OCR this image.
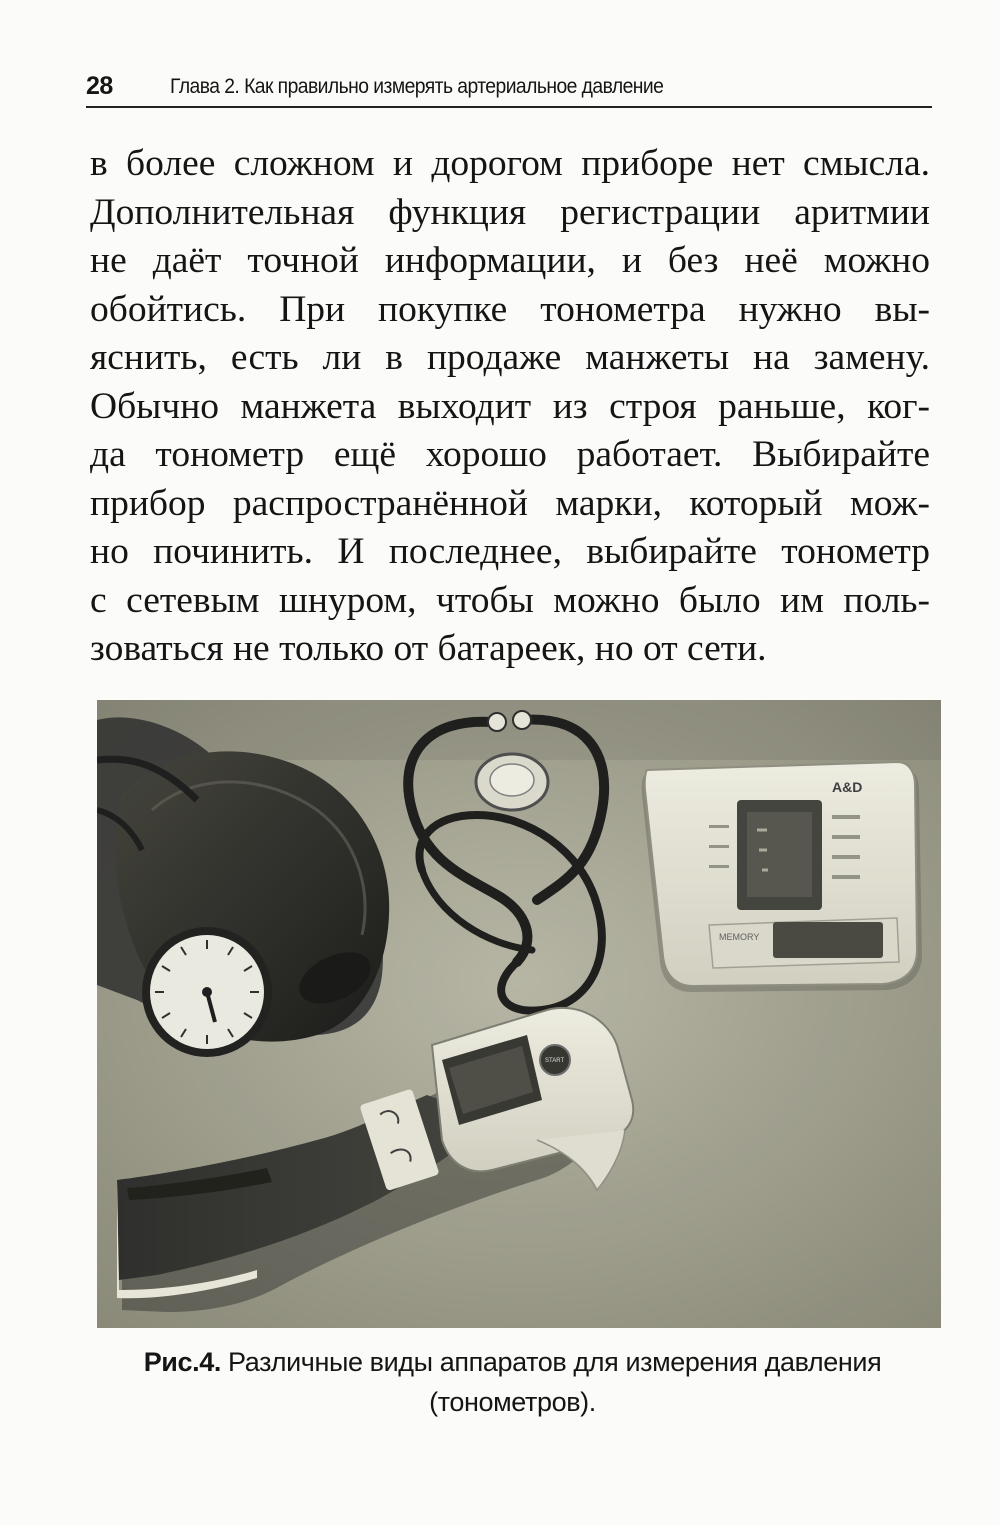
28	Глава 2. Как правильно измерять артериальное давление

в более сложном и дорогом приборе нет смысла.
Дополнительная функция регистрации аритмии
не даёт точной информации, и без неё можно
обойтись. При покупке тонометра нужно вы-
яснить, есть ли в продаже манжеты на замену.
Обычно манжета выходит из строя раньше, ког-
да тонометр ещё хорошо работает. Выбирайте
прибор распространённой марки, который мож-
но починить. И последнее, выбирайте тонометр
с сетевым шнуром, чтобы можно было им поль-
зоваться не только от батареек, но от сети.

A&D
MEMORY
START
Рис.4. Различные виды аппаратов для измерения давления
(тонометров).
